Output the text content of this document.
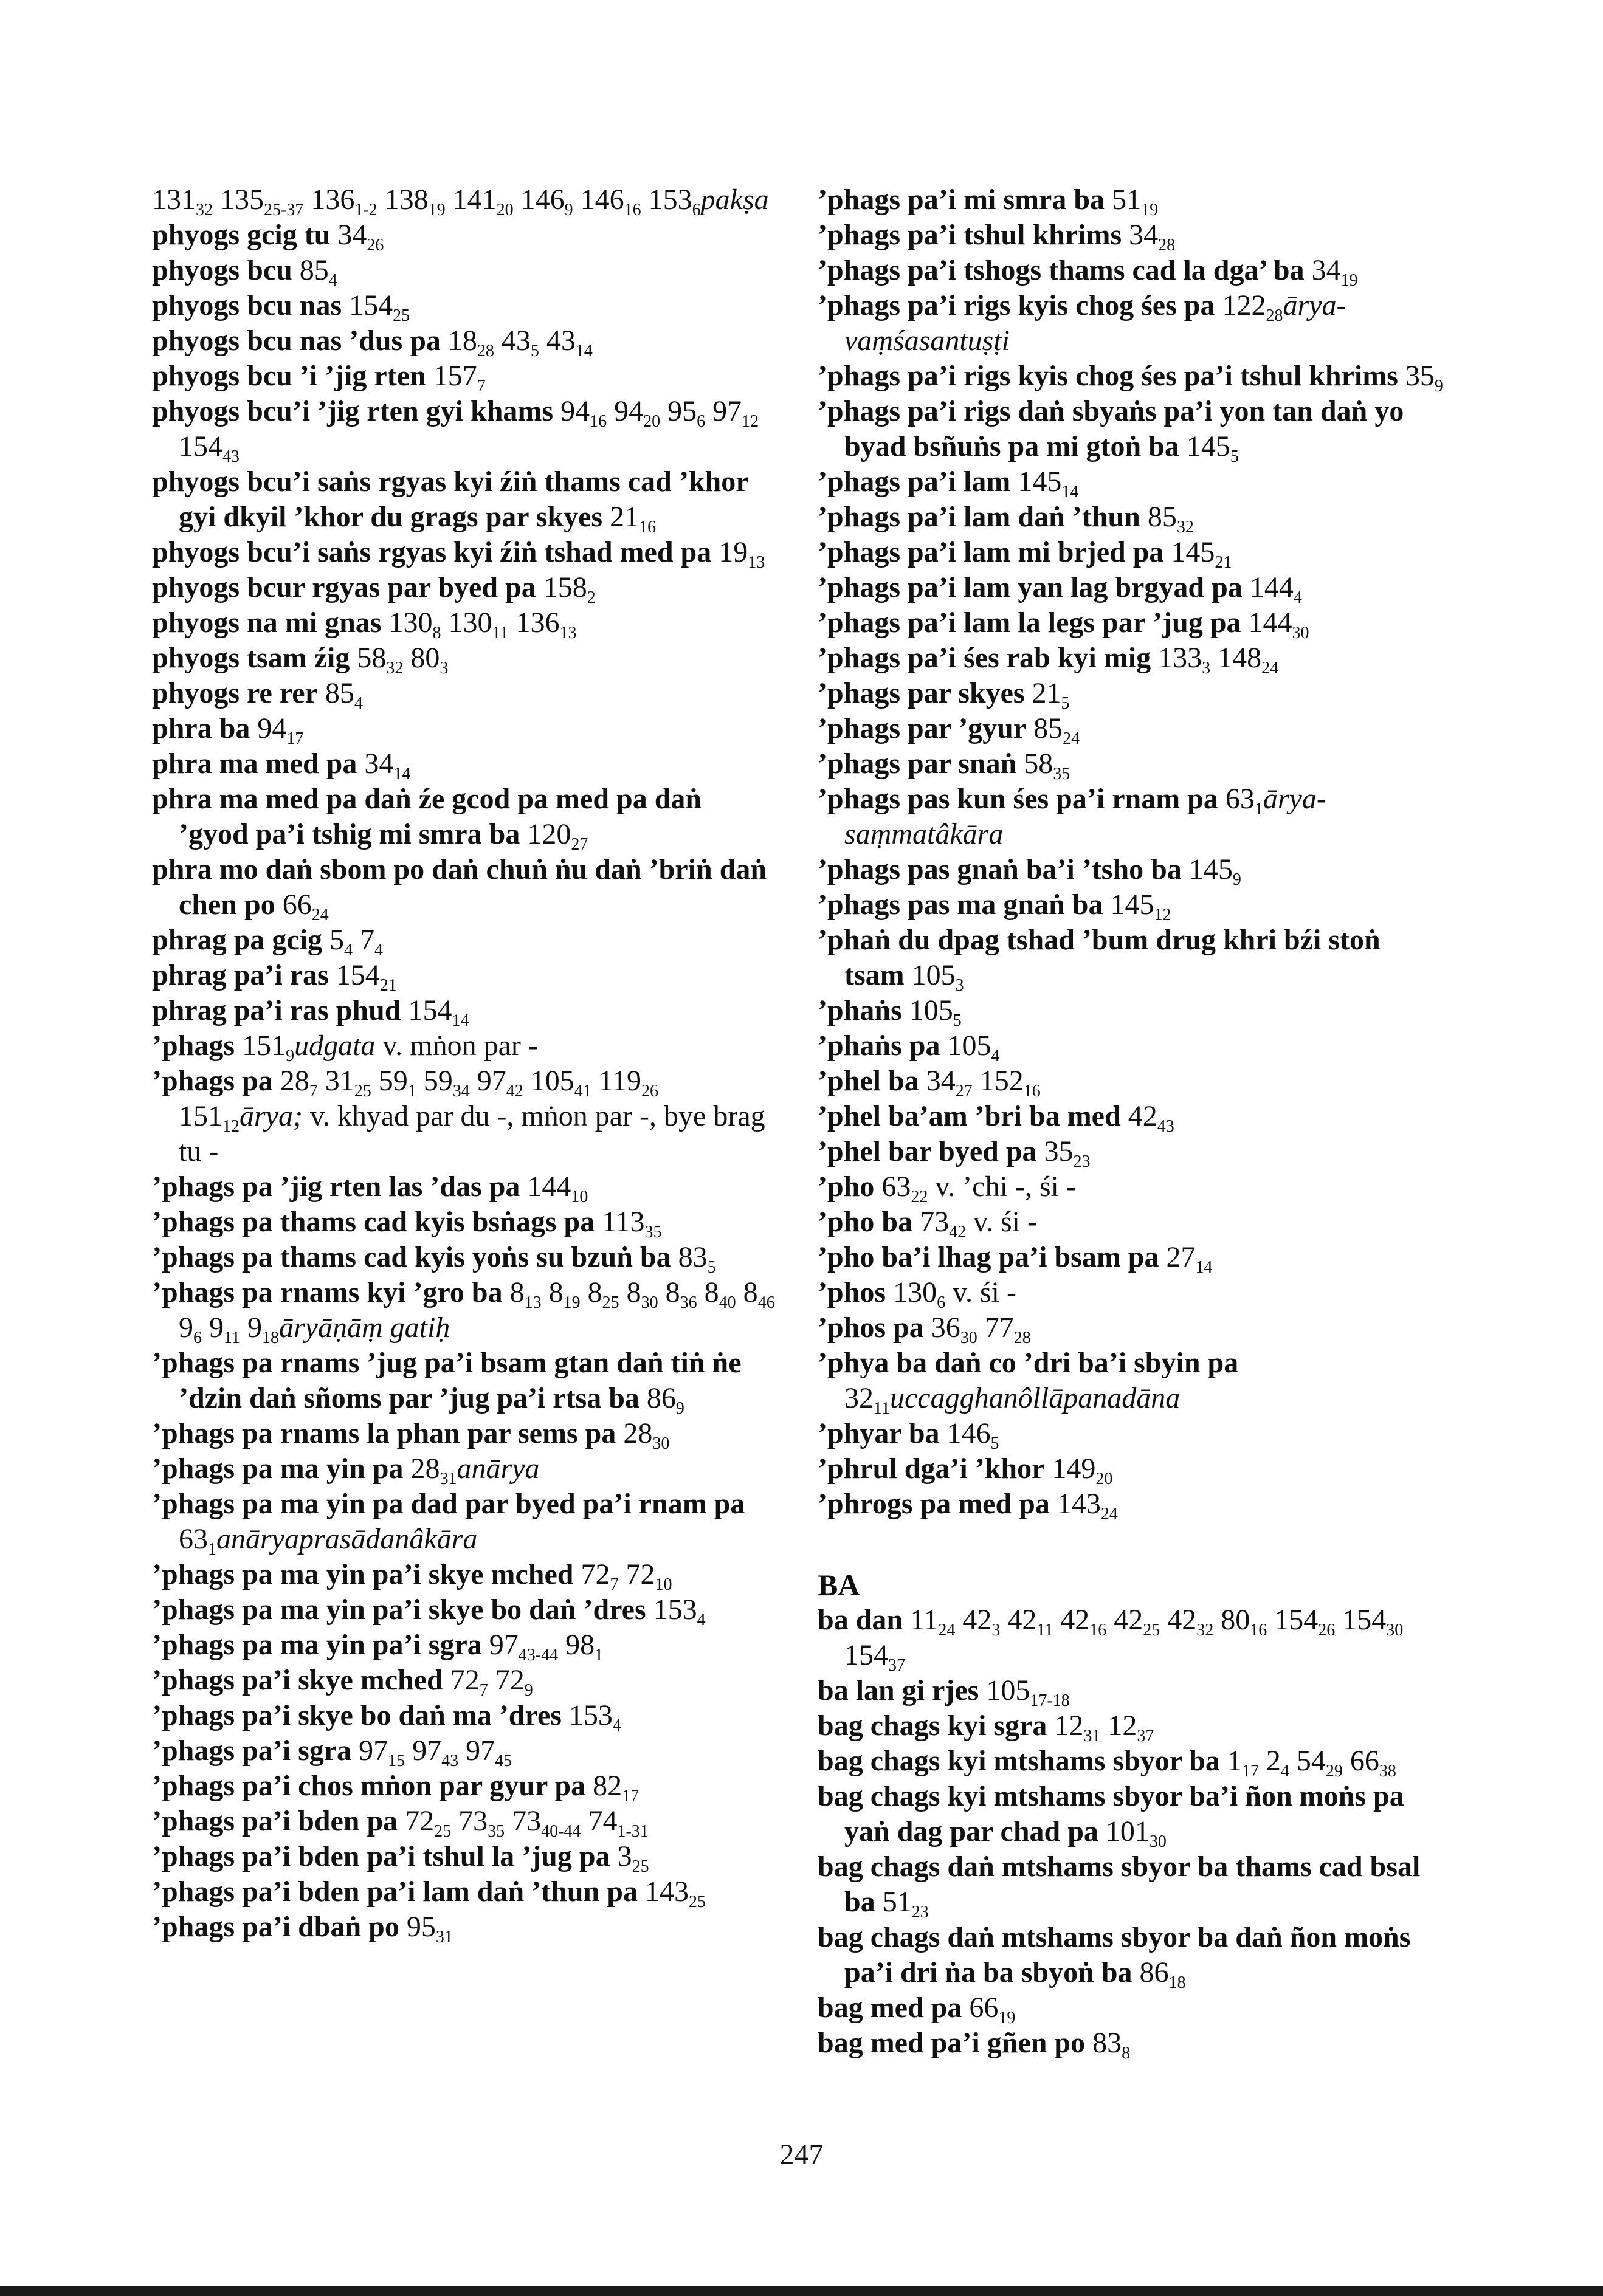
$131_{32}$ $135_{25-37}$ $136_{1-2}$ $138_{19}$ $141_{20}$ $146_9$ $146_{16}$ $153_6pakṣa$

phyogs gcig tu $34_{26}$

phyogs bcu $85_4$

phyogs bcu nas $154_{25}$

phyogs bcu nas ’dus pa $18_{28}$ $43_5$ $43_{14}$

phyogs bcu ’i ’jig rten $157_7$

phyogs bcu’i ’jig rten gyi khams $94_{16}$ $94_{20}$ $95_6$ $97_{12}$ $154_{43}$

phyogs bcu’i saṅs rgyas kyi źiṅ thams cad ’khor gyi dkyil ’khor du grags par skyes $21_{16}$

phyogs bcu’i saṅs rgyas kyi źiṅ tshad med pa $19_{13}$

phyogs bcur rgyas par byed pa $158_2$

phyogs na mi gnas $130_8$ $130_{11}$ $136_{13}$

phyogs tsam źig $58_{32}$ $80_3$

phyogs re rer $85_4$

phra ba $94_{17}$

phra ma med pa $34_{14}$

phra ma med pa daṅ źe gcod pa med pa daṅ ’gyod pa’i tshig mi smra ba $120_{27}$

phra mo daṅ sbom po daṅ chuṅ ṅu daṅ ’briṅ daṅ chen po $66_{24}$

phrag pa gcig $5_4$ $7_4$

phrag pa’i ras $154_{21}$

phrag pa’i ras phud $154_{14}$

’phags $151_9udgata$ v. mṅon par -

’phags pa $28_7$ $31_{25}$ $59_1$ $59_{34}$ $97_{42}$ $105_{41}$ $119_{26}$ $151_{12}ārya$; v. khyad par du -, mṅon par -, bye brag tu -

’phags pa ’jig rten las ’das pa $144_{10}$

’phags pa thams cad kyis bsṅags pa $113_{35}$

’phags pa thams cad kyis yoṅs su bzuṅ ba $83_5$

’phags pa rnams kyi ’gro ba $8_{13}$ $8_{19}$ $8_{25}$ $8_{30}$ $8_{36}$ $8_{40}$ $8_{46}$ $9_6$ $9_{11}$ $9_{18}āryāṇāṃ$ gatiḥ

’phags pa rnams ’jug pa’i bsam gtan daṅ tiṅ ṅe ’dzin daṅ sñoms par ’jug pa’i rtsa ba $86_9$

’phags pa rnams la phan par sems pa $28_{30}$

’phags pa ma yin pa $28_{31}anārya$

’phags pa ma yin pa dad par byed pa’i rnam pa $63_1anāryaprasādanâkāra$

’phags pa ma yin pa’i skye mched $72_7$ $72_{10}$

’phags pa ma yin pa’i skye bo daṅ ’dres $153_4$

’phags pa ma yin pa’i sgra $97_{43-44}$ $98_1$

’phags pa’i skye mched $72_7$ $72_9$

’phags pa’i skye bo daṅ ma ’dres $153_4$

’phags pa’i sgra $97_{15}$ $97_{43}$ $97_{45}$

’phags pa’i chos mṅon par gyur pa $82_{17}$

’phags pa’i bden pa $72_{25}$ $73_{35}$ $73_{40-44}$ $74_{1-31}$

’phags pa’i bden pa’i tshul la ’jug pa $3_{25}$

’phags pa’i bden pa’i lam daṅ ’thun pa $143_{25}$

’phags pa’i dbaṅ po $95_{31}$

’phags pa’i mi smra ba $51_{19}$

’phags pa’i tshul khrims $34_{28}$

’phags pa’i tshogs thams cad la dga’ ba $34_{19}$

’phags pa’i rigs kyis chog śes pa $122_{28}ārya$-vaṃśasantuṣṭi

’phags pa’i rigs kyis chog śes pa’i tshul khrims $35_9$

’phags pa’i rigs daṅ sbyaṅs pa’i yon tan daṅ yo byad bsñuṅs pa mi gtoṅ ba $145_5$

’phags pa’i lam $145_{14}$

’phags pa’i lam daṅ ’thun $85_{32}$

’phags pa’i lam mi brjed pa $145_{21}$

’phags pa’i lam yan lag brgyad pa $144_4$

’phags pa’i lam la legs par ’jug pa $144_{30}$

’phags pa’i śes rab kyi mig $133_3$ $148_{24}$

’phags par skyes $21_5$

’phags par ’gyur $85_{24}$

’phags par snaṅ $58_{35}$

’phags pas kun śes pa’i rnam pa $63_1ārya$-saṃmatâkāra

’phags pas gnaṅ ba’i ’tsho ba $145_9$

’phags pas ma gnaṅ ba $145_{12}$

’phaṅ du dpag tshad ’bum drug khri bźi stoṅ tsam $105_3$

’phaṅs $105_5$

’phaṅs pa $105_4$

’phel ba $34_{27}$ $152_{16}$

’phel ba’am ’bri ba med $42_{43}$

’phel bar byed pa $35_{23}$

’pho $63_{22}$ v. ’chi -, śi -

’pho ba $73_{42}$ v. śi -

’pho ba’i lhag pa’i bsam pa $27_{14}$

’phos $130_6$ v. śi -

’phos pa $36_{30}$ $77_{28}$

’phya ba daṅ co ’dri ba’i sbyin pa $32_{11}uccagghanôllāpanadāna$

’phyar ba $146_5$

’phrul dga’i ’khor $149_{20}$

’phrogs pa med pa $143_{24}$

BA

ba dan $11_{24}$ $42_3$ $42_{11}$ $42_{16}$ $42_{25}$ $42_{32}$ $80_{16}$ $154_{26}$ $154_{30}$ $154_{37}$

ba lan gi rjes $105_{17-18}$

bag chags kyi sgra $12_{31}$ $12_{37}$

bag chags kyi mtshams sbyor ba $1_{17}$ $2_4$ $54_{29}$ $66_{38}$

bag chags kyi mtshams sbyor ba’i ñon moṅs pa yaṅ dag par chad pa $101_{30}$

bag chags daṅ mtshams sbyor ba thams cad bsal ba $51_{23}$

bag chags daṅ mtshams sbyor ba daṅ ñon moṅs pa’i dri ṅa ba sbyoṅ ba $86_{18}$

bag med pa $66_{19}$

bag med pa’i gñen po $83_8$

247
